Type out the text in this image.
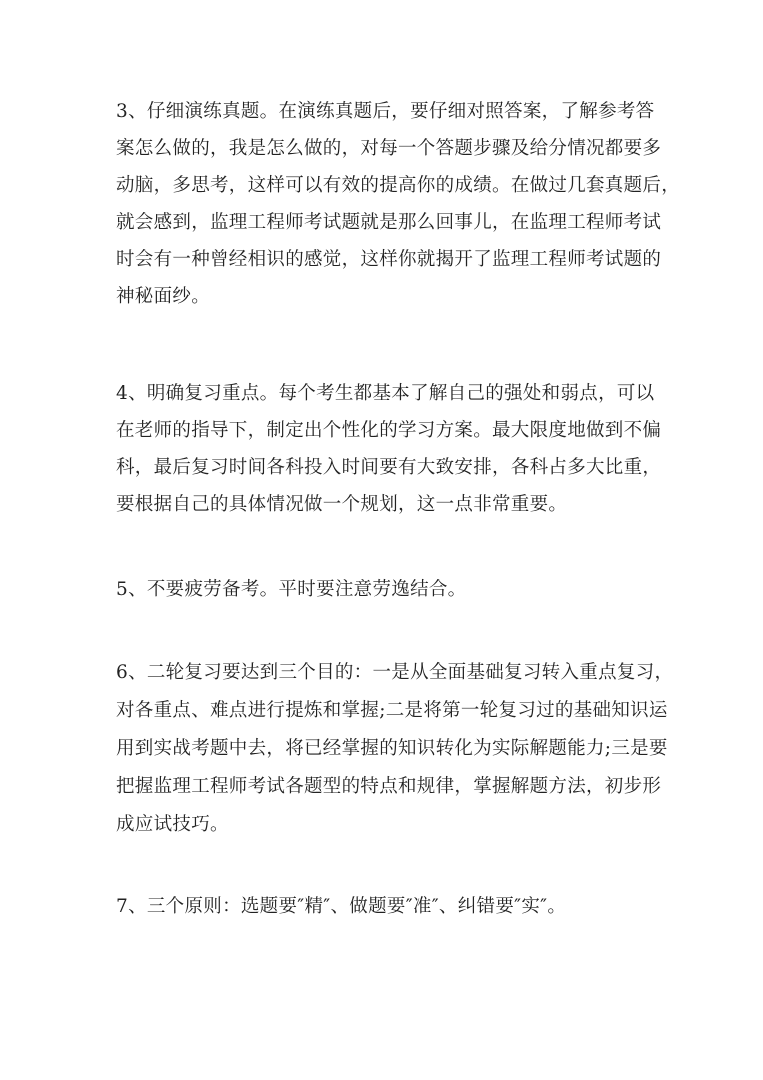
3、仔细演练真题。在演练真题后，要仔细对照答案，了解参考答
案怎么做的，我是怎么做的，对每一个答题步骤及给分情况都要多
动脑，多思考，这样可以有效的提高你的成绩。在做过几套真题后，
就会感到，监理工程师考试题就是那么回事儿，在监理工程师考试
时会有一种曾经相识的感觉，这样你就揭开了监理工程师考试题的
神秘面纱。
4、明确复习重点。每个考生都基本了解自己的强处和弱点，可以
在老师的指导下，制定出个性化的学习方案。最大限度地做到不偏
科，最后复习时间各科投入时间要有大致安排，各科占多大比重，
要根据自己的具体情况做一个规划，这一点非常重要。
5、不要疲劳备考。平时要注意劳逸结合。
6、二轮复习要达到三个目的：一是从全面基础复习转入重点复习，
对各重点、难点进行提炼和掌握;二是将第一轮复习过的基础知识运
用到实战考题中去，将已经掌握的知识转化为实际解题能力;三是要
把握监理工程师考试各题型的特点和规律，掌握解题方法，初步形
成应试技巧。
7、三个原则：选题要″精″、做题要″准″、纠错要″实″。
